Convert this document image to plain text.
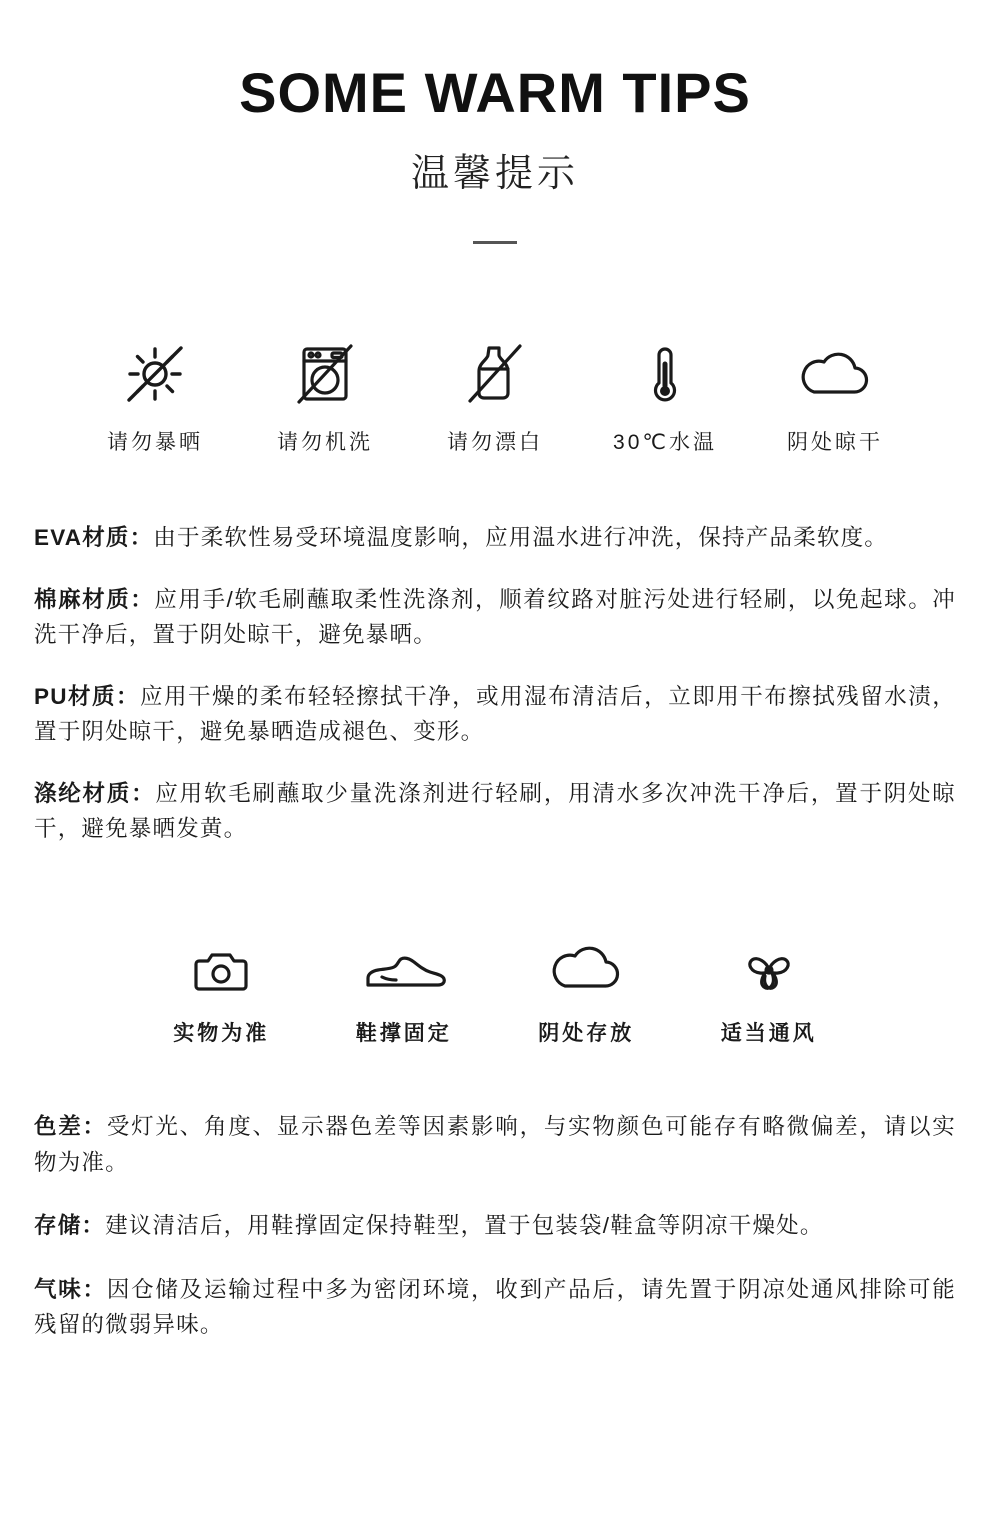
SOME WARM TIPS
温馨提示
请勿暴晒	请勿机洗	请勿漂白	30℃水温	阴处晾干

EVA材质：由于柔软性易受环境温度影响，应用温水进行冲洗，保持产品柔软度。

棉麻材质：应用手/软毛刷蘸取柔性洗涤剂，顺着纹路对脏污处进行轻刷，以免起球。冲洗干净后，置于阴处晾干，避免暴晒。

PU材质：应用干燥的柔布轻轻擦拭干净，或用湿布清洁后，立即用干布擦拭残留水渍，置于阴处晾干，避免暴晒造成褪色、变形。

涤纶材质：应用软毛刷蘸取少量洗涤剂进行轻刷，用清水多次冲洗干净后，置于阴处晾干，避免暴晒发黄。

实物为准	鞋撑固定	阴处存放	适当通风

色差：受灯光、角度、显示器色差等因素影响，与实物颜色可能存有略微偏差，请以实物为准。

存储：建议清洁后，用鞋撑固定保持鞋型，置于包装袋/鞋盒等阴凉干燥处。

气味：因仓储及运输过程中多为密闭环境，收到产品后，请先置于阴凉处通风排除可能残留的微弱异味。
